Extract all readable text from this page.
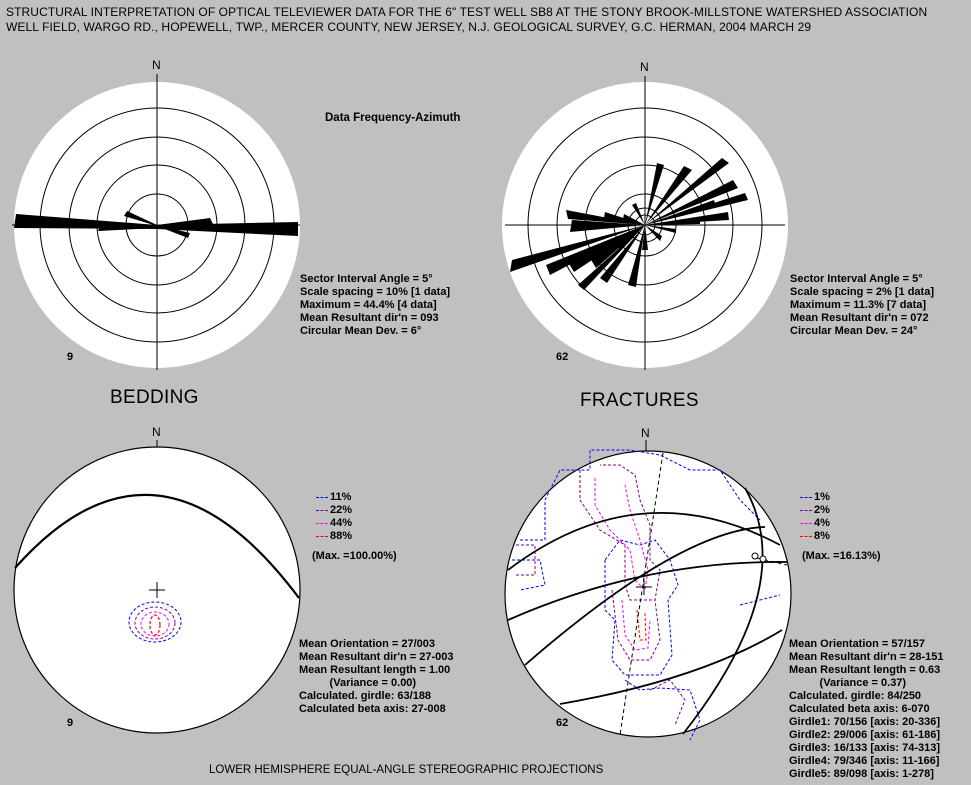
STRUCTURAL INTERPRETATION OF OPTICAL TELEVIEWER DATA FOR THE 6" TEST WELL SB8 AT THE STONY BROOK-MILLSTONE WATERSHED ASSOCIATION
WELL FIELD, WARGO RD., HOPEWELL, TWP., MERCER COUNTY, NEW JERSEY, N.J. GEOLOGICAL SURVEY, G.C. HERMAN, 2004 MARCH 29
N	N
N	N
Data Frequency-Azimuth
9	62
9	62
Sector Interval Angle = 5°
Scale spacing = 10% [1 data]
Maximum = 44.4% [4 data]
Mean Resultant dir'n = 093
Circular Mean Dev. = 6°
Sector Interval Angle = 5°
Scale spacing = 2% [1 data]
Maximum = 11.3% [7 data]
Mean Resultant dir'n = 072
Circular Mean Dev. = 24°
BEDDING	FRACTURES
11%
22%
44%
88%
(Max. =100.00%)
1%
2%
4%
8%
(Max. =16.13%)
Mean Orientation = 27/003
Mean Resultant dir'n = 27-003
Mean Resultant length = 1.00
(Variance = 0.00)
Calculated. girdle: 63/188
Calculated beta axis: 27-008
Mean Orientation = 57/157
Mean Resultant dir'n = 28-151
Mean Resultant length = 0.63
(Variance = 0.37)
Calculated. girdle: 84/250
Calculated beta axis: 6-070
Girdle1: 70/156 [axis: 20-336]
Girdle2: 29/006 [axis: 61-186]
Girdle3: 16/133 [axis: 74-313]
Girdle4: 79/346 [axis: 11-166]
Girdle5: 89/098 [axis: 1-278]
LOWER HEMISPHERE EQUAL-ANGLE STEREOGRAPHIC PROJECTIONS
